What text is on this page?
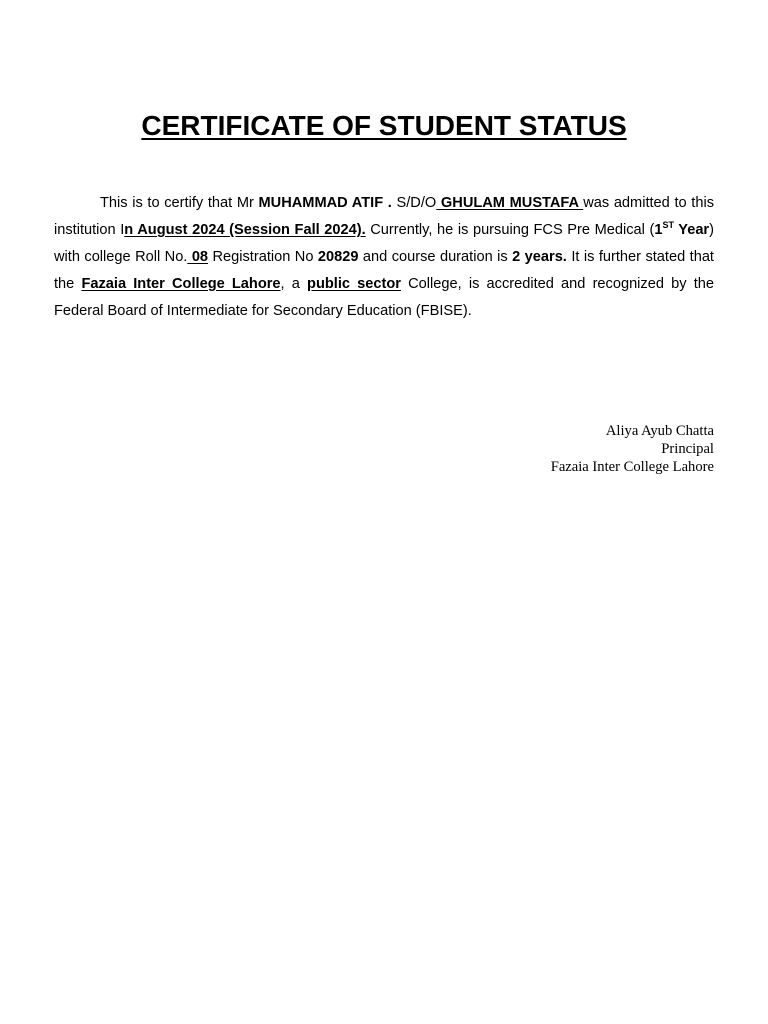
CERTIFICATE OF STUDENT STATUS

This is to certify that Mr MUHAMMAD ATIF . S/D/O GHULAM MUSTAFA was admitted to this institution In August 2024 (Session Fall 2024). Currently, he is pursuing FCS Pre Medical (1ST Year) with college Roll No. 08 Registration No 20829 and course duration is 2 years. It is further stated that the Fazaia Inter College Lahore, a public sector College, is accredited and recognized by the Federal Board of Intermediate for Secondary Education (FBISE).

Aliya Ayub Chatta
Principal
Fazaia Inter College Lahore
